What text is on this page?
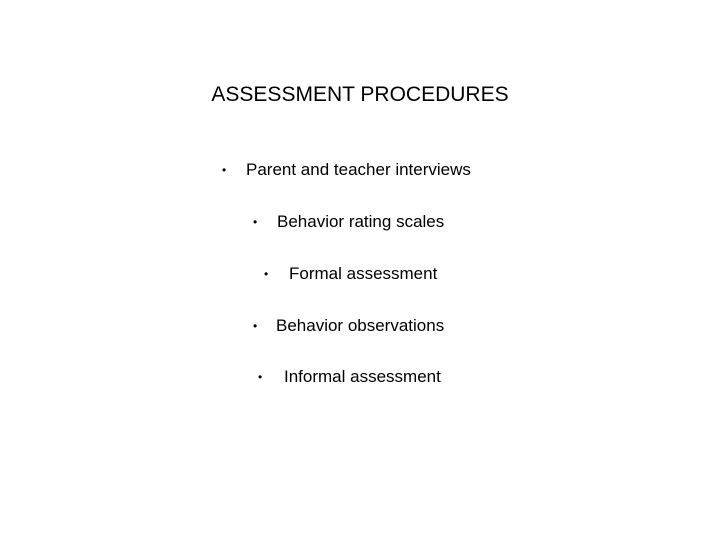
ASSESSMENT PROCEDURES
• Parent and teacher interviews
• Behavior rating scales
• Formal assessment
• Behavior observations
• Informal assessment
